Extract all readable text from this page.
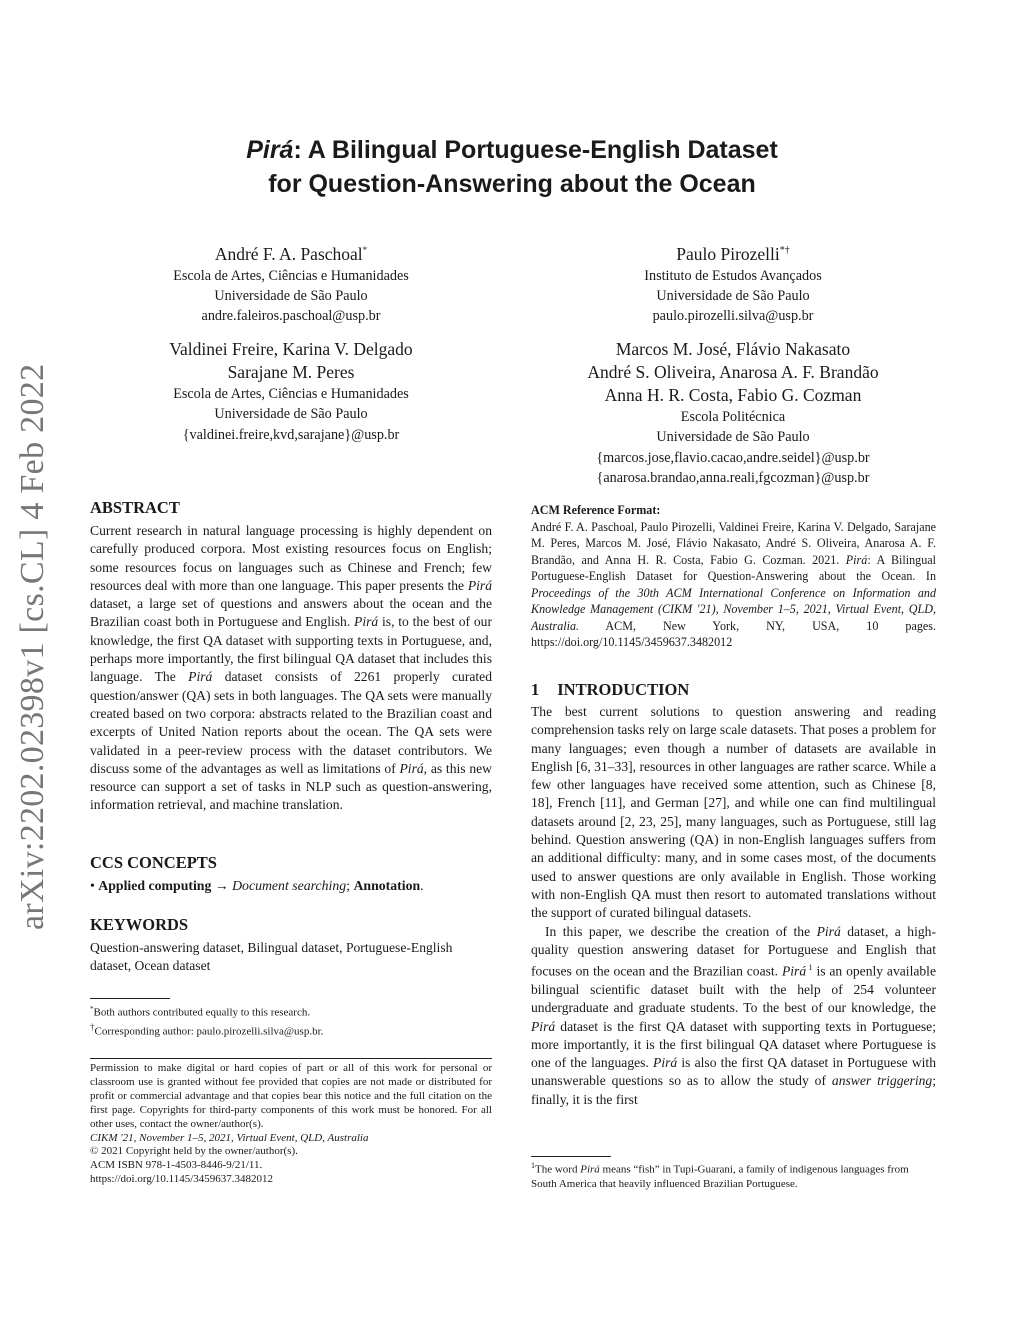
Pirá: A Bilingual Portuguese-English Dataset
for Question-Answering about the Ocean
arXiv:2202.02398v1 [cs.CL] 4 Feb 2022
André F. A. Paschoal*
Escola de Artes, Ciências e Humanidades
Universidade de São Paulo
andre.faleiros.paschoal@usp.br
Paulo Pirozelli*†
Instituto de Estudos Avançados
Universidade de São Paulo
paulo.pirozelli.silva@usp.br
Valdinei Freire, Karina V. Delgado
Sarajane M. Peres
Escola de Artes, Ciências e Humanidades
Universidade de São Paulo
{valdinei.freire,kvd,sarajane}@usp.br
Marcos M. José, Flávio Nakasato
André S. Oliveira, Anarosa A. F. Brandão
Anna H. R. Costa, Fabio G. Cozman
Escola Politécnica
Universidade de São Paulo
{marcos.jose,flavio.cacao,andre.seidel}@usp.br
{anarosa.brandao,anna.reali,fgcozman}@usp.br
ABSTRACT
Current research in natural language processing is highly dependent on carefully produced corpora. Most existing resources focus on English; some resources focus on languages such as Chinese and French; few resources deal with more than one language. This paper presents the Pirá dataset, a large set of questions and answers about the ocean and the Brazilian coast both in Portuguese and English. Pirá is, to the best of our knowledge, the first QA dataset with supporting texts in Portuguese, and, perhaps more importantly, the first bilingual QA dataset that includes this language. The Pirá dataset consists of 2261 properly curated question/answer (QA) sets in both languages. The QA sets were manually created based on two corpora: abstracts related to the Brazilian coast and excerpts of United Nation reports about the ocean. The QA sets were validated in a peer-review process with the dataset contributors. We discuss some of the advantages as well as limitations of Pirá, as this new resource can support a set of tasks in NLP such as question-answering, information retrieval, and machine translation.
CCS CONCEPTS
• Applied computing → Document searching; Annotation.
KEYWORDS
Question-answering dataset, Bilingual dataset, Portuguese-English dataset, Ocean dataset
*Both authors contributed equally to this research.
†Corresponding author: paulo.pirozelli.silva@usp.br.
Permission to make digital or hard copies of part or all of this work for personal or classroom use is granted without fee provided that copies are not made or distributed for profit or commercial advantage and that copies bear this notice and the full citation on the first page. Copyrights for third-party components of this work must be honored. For all other uses, contact the owner/author(s).
CIKM '21, November 1–5, 2021, Virtual Event, QLD, Australia
© 2021 Copyright held by the owner/author(s).
ACM ISBN 978-1-4503-8446-9/21/11.
https://doi.org/10.1145/3459637.3482012
ACM Reference Format:
André F. A. Paschoal, Paulo Pirozelli, Valdinei Freire, Karina V. Delgado, Sarajane M. Peres, Marcos M. José, Flávio Nakasato, André S. Oliveira, Anarosa A. F. Brandão, and Anna H. R. Costa, Fabio G. Cozman. 2021. Pirá: A Bilingual Portuguese-English Dataset for Question-Answering about the Ocean. In Proceedings of the 30th ACM International Conference on Information and Knowledge Management (CIKM '21), November 1–5, 2021, Virtual Event, QLD, Australia. ACM, New York, NY, USA, 10 pages. https://doi.org/10.1145/3459637.3482012
1 INTRODUCTION
The best current solutions to question answering and reading comprehension tasks rely on large scale datasets. That poses a problem for many languages; even though a number of datasets are available in English [6, 31–33], resources in other languages are rather scarce. While a few other languages have received some attention, such as Chinese [8, 18], French [11], and German [27], and while one can find multilingual datasets around [2, 23, 25], many languages, such as Portuguese, still lag behind. Question answering (QA) in non-English languages suffers from an additional difficulty: many, and in some cases most, of the documents used to answer questions are only available in English. Those working with non-English QA must then resort to automated translations without the support of curated bilingual datasets.
In this paper, we describe the creation of the Pirá dataset, a high-quality question answering dataset for Portuguese and English that focuses on the ocean and the Brazilian coast. Pirá $^1$ is an openly available bilingual scientific dataset built with the help of 254 volunteer undergraduate and graduate students. To the best of our knowledge, the Pirá dataset is the first QA dataset with supporting texts in Portuguese; more importantly, it is the first bilingual QA dataset where Portuguese is one of the languages. Pirá is also the first QA dataset in Portuguese with unanswerable questions so as to allow the study of answer triggering; finally, it is the first
$^1$The word Pirá means “fish” in Tupi-Guarani, a family of indigenous languages from South America that heavily influenced Brazilian Portuguese.
